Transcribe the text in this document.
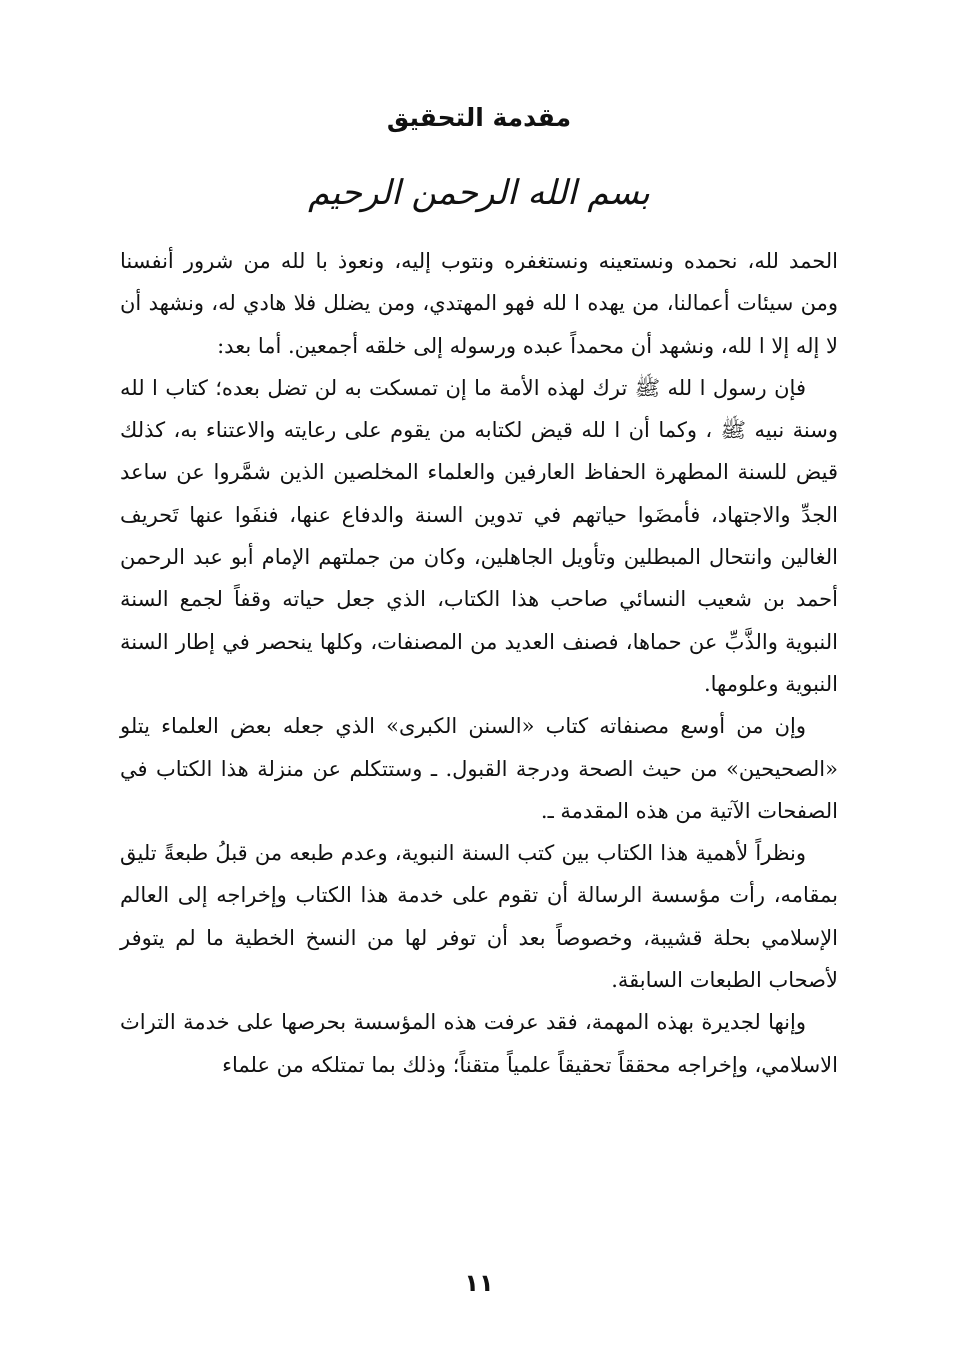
مقدمة التحقيق
بسم الله الرحمن الرحيم

الحمد لله، نحمده ونستعينه ونستغفره ونتوب إليه، ونعوذ با لله من شرور أنفسنا ومن سيئات أعمالنا، من يهده ا لله فهو المهتدي، ومن يضلل فلا هادي له، ونشهد أن لا إله إلا ا لله، ونشهد أن محمداً عبده ورسوله إلى خلقه أجمعين. أما بعد:

فإن رسول ا لله ﷺ ترك لهذه الأمة ما إن تمسكت به لن تضل بعده؛ كتاب ا لله وسنة نبيه ﷺ ، وكما أن ا لله قيض لكتابه من يقوم على رعايته والاعتناء به، كذلك قيض للسنة المطهرة الحفاظ العارفين والعلماء المخلصين الذين شمَّروا عن ساعد الجدِّ والاجتهاد، فأمضَوا حياتهم في تدوين السنة والدفاع عنها، فنفَوا عنها تَحريف الغالين وانتحال المبطلين وتأويل الجاهلين، وكان من جملتهم الإمام أبو عبد الرحمن أحمد بن شعيب النسائي صاحب هذا الكتاب، الذي جعل حياته وقفاً لجمع السنة النبوية والذَّبِّ عن حماها، فصنف العديد من المصنفات، وكلها ينحصر في إطار السنة النبوية وعلومها.

وإن من أوسع مصنفاته كتاب «السنن الكبرى» الذي جعله بعض العلماء يتلو «الصحيحين» من حيث الصحة ودرجة القبول. ـ وستتكلم عن منزلة هذا الكتاب في الصفحات الآتية من هذه المقدمة ـ.

ونظراً لأهمية هذا الكتاب بين كتب السنة النبوية، وعدم طبعه من قبلُ طبعةً تليق بمقامه، رأت مؤسسة الرسالة أن تقوم على خدمة هذا الكتاب وإخراجه إلى العالم الإسلامي بحلة قشيبة، وخصوصاً بعد أن توفر لها من النسخ الخطية ما لم يتوفر لأصحاب الطبعات السابقة.

وإنها لجديرة بهذه المهمة، فقد عرفت هذه المؤسسة بحرصها على خدمة التراث الاسلامي، وإخراجه محققاً تحقيقاً علمياً متقناً؛ وذلك بما تمتلكه من علماء

١١
